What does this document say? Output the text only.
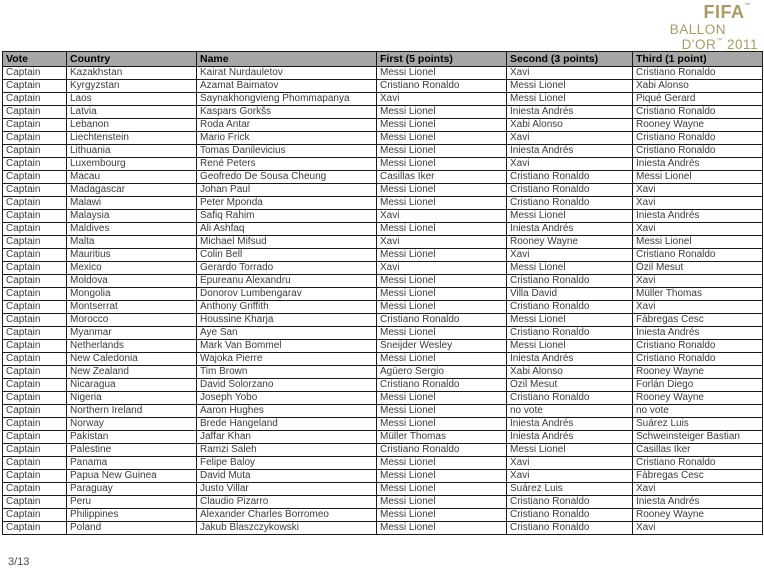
FIFA™
BALLON
D'OR™ 2011
Vote	Country	Name	First (5 points)	Second (3 points)	Third (1 point)
Captain	Kazakhstan	Kairat Nurdauletov	Messi Lionel	Xavi	Cristiano Ronaldo
Captain	Kyrgyzstan	Azamat Baimatov	Cristiano Ronaldo	Messi Lionel	Xabi Alonso
Captain	Laos	Saynakhongvieng Phommapanya	Xavi	Messi Lionel	Piqué Gerard
Captain	Latvia	Kaspars Gorkšs	Messi Lionel	Iniesta Andrés	Cristiano Ronaldo
Captain	Lebanon	Roda Antar	Messi Lionel	Xabi Alonso	Rooney Wayne
Captain	Liechtenstein	Mario Frick	Messi Lionel	Xavi	Cristiano Ronaldo
Captain	Lithuania	Tomas Danilevicius	Messi Lionel	Iniesta Andrés	Cristiano Ronaldo
Captain	Luxembourg	René Peters	Messi Lionel	Xavi	Iniesta Andrés
Captain	Macau	Geofredo De Sousa Cheung	Casillas Iker	Cristiano Ronaldo	Messi Lionel
Captain	Madagascar	Johan Paul	Messi Lionel	Cristiano Ronaldo	Xavi
Captain	Malawi	Peter Mponda	Messi Lionel	Cristiano Ronaldo	Xavi
Captain	Malaysia	Safiq Rahim	Xavi	Messi Lionel	Iniesta Andrés
Captain	Maldives	Ali Ashfaq	Messi Lionel	Iniesta Andrés	Xavi
Captain	Malta	Michael Mifsud	Xavi	Rooney Wayne	Messi Lionel
Captain	Mauritius	Colin Bell	Messi Lionel	Xavi	Cristiano Ronaldo
Captain	Mexico	Gerardo Torrado	Xavi	Messi Lionel	Özil Mesut
Captain	Moldova	Epureanu Alexandru	Messi Lionel	Cristiano Ronaldo	Xavi
Captain	Mongolia	Donorov Lumbengarav	Messi Lionel	Villa David	Müller Thomas
Captain	Montserrat	Anthony Griffith	Messi Lionel	Cristiano Ronaldo	Xavi
Captain	Morocco	Houssine Kharja	Cristiano Ronaldo	Messi Lionel	Fàbregas Cesc
Captain	Myanmar	Aye San	Messi Lionel	Cristiano Ronaldo	Iniesta Andrés
Captain	Netherlands	Mark Van Bommel	Sneijder Wesley	Messi Lionel	Cristiano Ronaldo
Captain	New Caledonia	Wajoka Pierre	Messi Lionel	Iniesta Andrés	Cristiano Ronaldo
Captain	New Zealand	Tim Brown	Agüero Sergio	Xabi Alonso	Rooney Wayne
Captain	Nicaragua	David Solorzano	Cristiano Ronaldo	Özil Mesut	Forlán Diego
Captain	Nigeria	Joseph Yobo	Messi Lionel	Cristiano Ronaldo	Rooney Wayne
Captain	Northern Ireland	Aaron Hughes	Messi Lionel	no vote	no vote
Captain	Norway	Brede Hangeland	Messi Lionel	Iniesta Andrés	Suárez Luis
Captain	Pakistan	Jaffar Khan	Müller Thomas	Iniesta Andrés	Schweinsteiger Bastian
Captain	Palestine	Ramzi Saleh	Cristiano Ronaldo	Messi Lionel	Casillas Iker
Captain	Panama	Felipe Baloy	Messi Lionel	Xavi	Cristiano Ronaldo
Captain	Papua New Guinea	David Muta	Messi Lionel	Xavi	Fàbregas Cesc
Captain	Paraguay	Justo Villar	Messi Lionel	Suárez Luis	Xavi
Captain	Peru	Claudio Pizarro	Messi Lionel	Cristiano Ronaldo	Iniesta Andrés
Captain	Philippines	Alexander Charles Borromeo	Messi Lionel	Cristiano Ronaldo	Rooney Wayne
Captain	Poland	Jakub Blaszczykowski	Messi Lionel	Cristiano Ronaldo	Xavi
3/13
